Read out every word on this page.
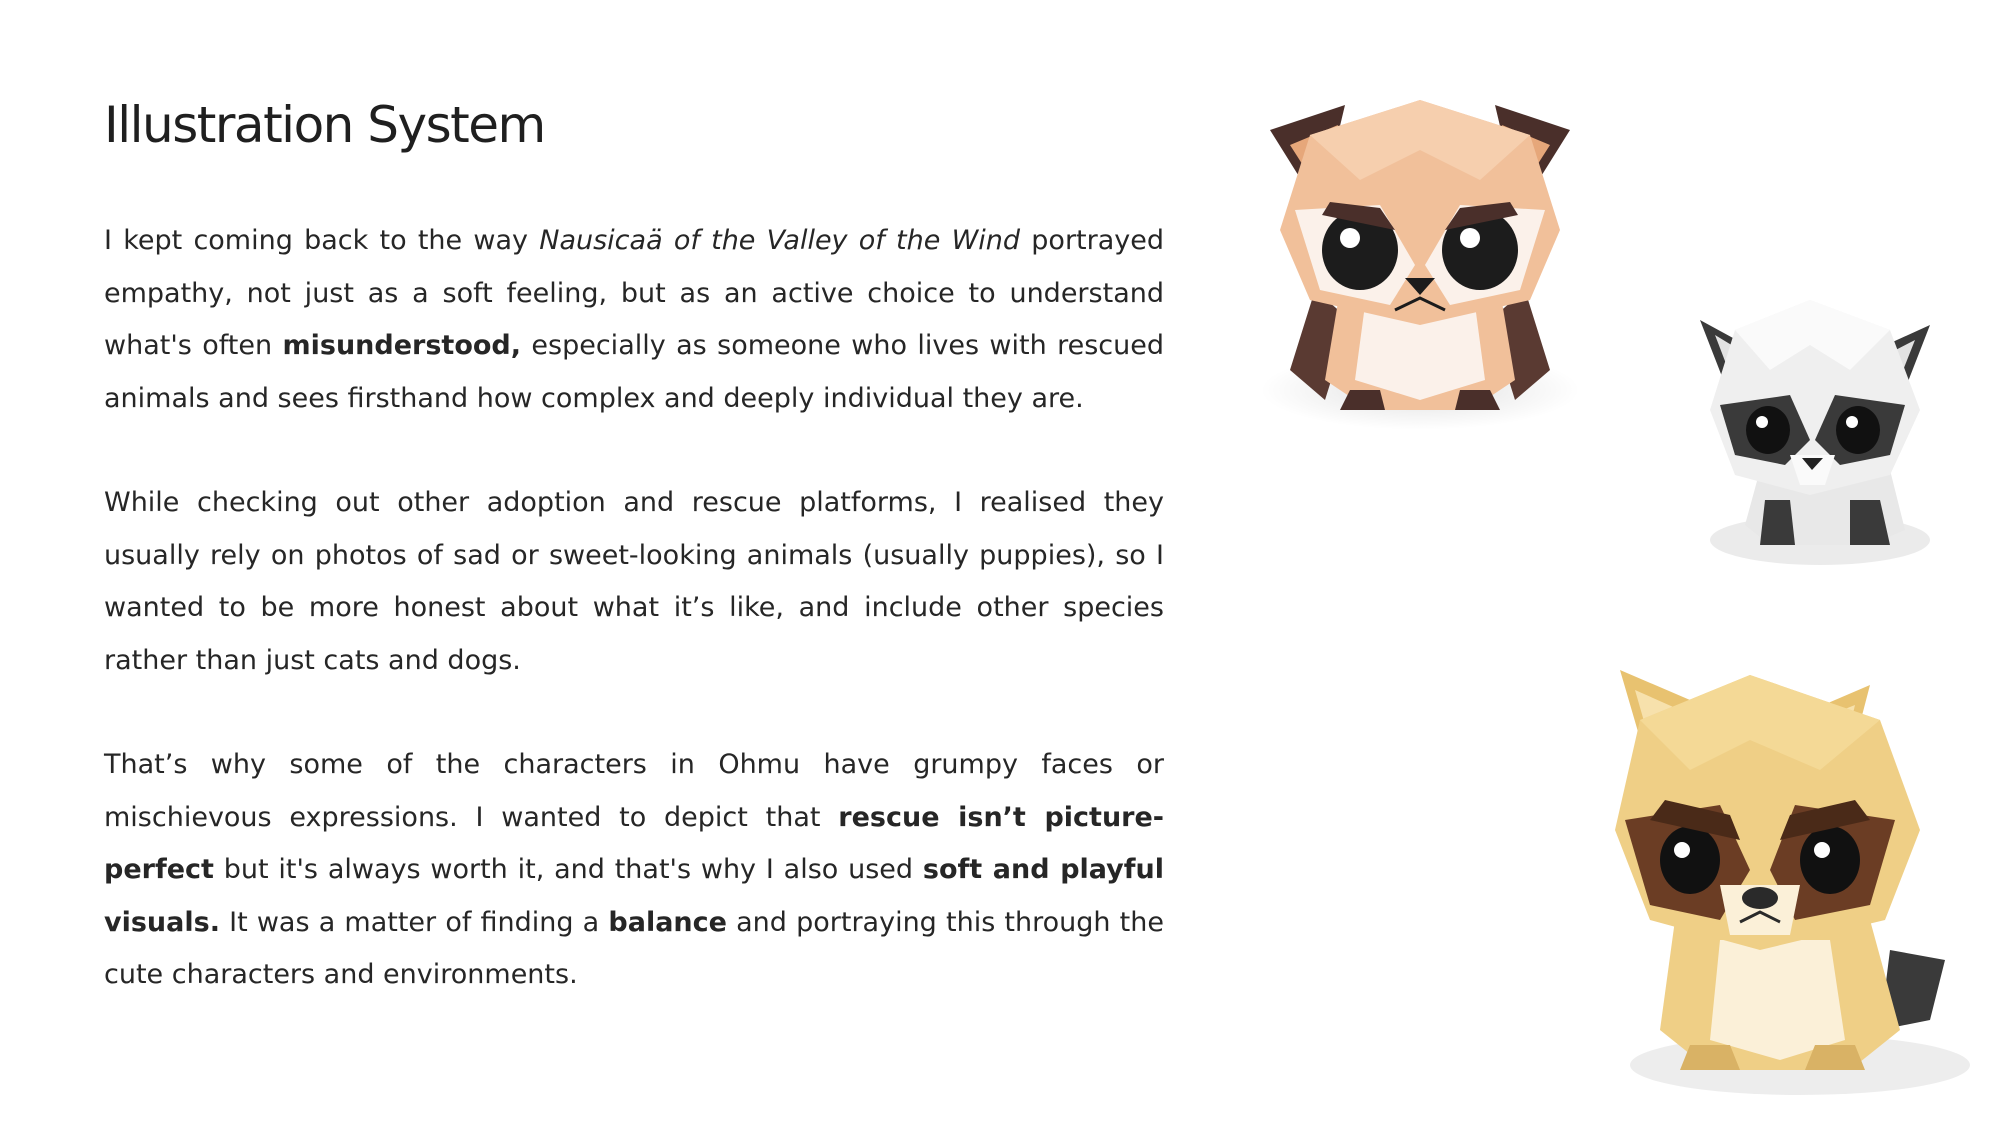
Illustration System

I kept coming back to the way Nausicaä of the Valley of the Wind portrayed empathy, not just as a soft feeling, but as an active choice to understand what's often misunderstood, especially as someone who lives with rescued animals and sees firsthand how complex and deeply individual they are.

While checking out other adoption and rescue platforms, I realised they usually rely on photos of sad or sweet-looking animals (usually puppies), so I wanted to be more honest about what it’s like, and include other species rather than just cats and dogs.

That’s why some of the characters in Ohmu have grumpy faces or mischievous expressions. I wanted to depict that rescue isn’t picture-perfect but it's always worth it, and that's why I also used soft and playful visuals. It was a matter of finding a balance and portraying this through the cute characters and environments.
